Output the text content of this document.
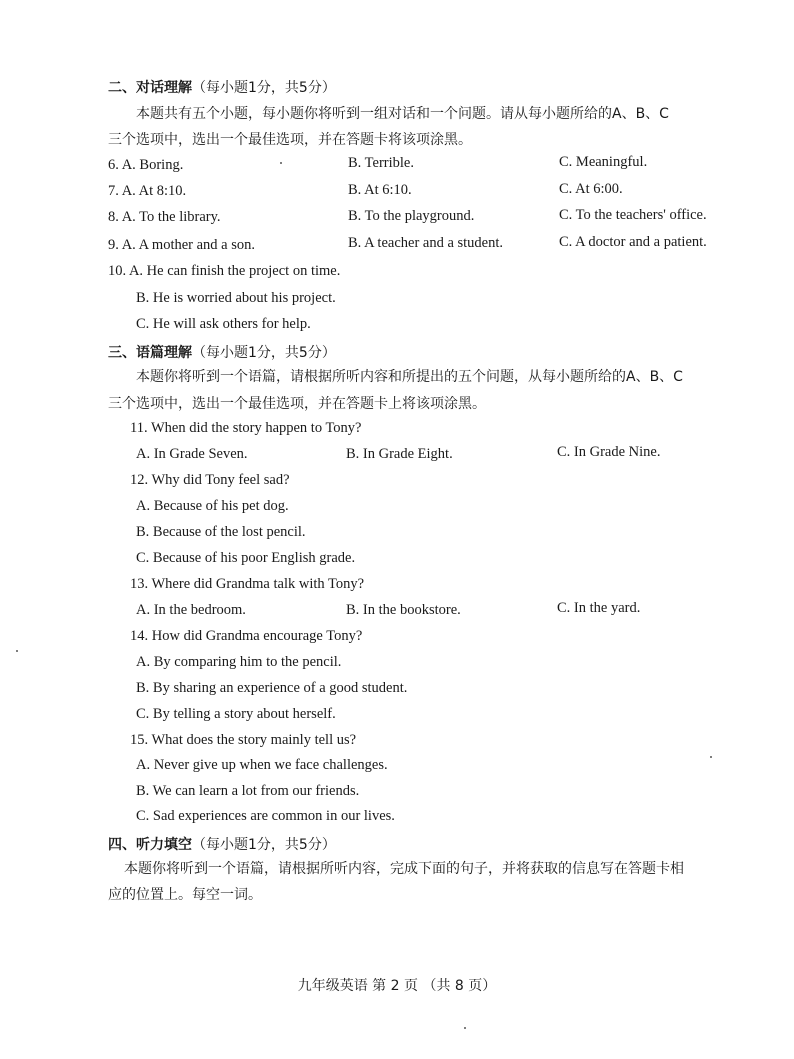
二、对话理解（每小题1分，共5分）
本题共有五个小题，每小题你将听到一组对话和一个问题。请从每小题所给的A、B、C
三个选项中，选出一个最佳选项，并在答题卡将该项涂黑。
6. A. Boring.	B. Terrible.	C. Meaningful.
7. A. At 8:10.	B. At 6:10.	C. At 6:00.
8. A. To the library.	B. To the playground.	C. To the teachers' office.
9. A. A mother and a son.	B. A teacher and a student.	C. A doctor and a patient.
10. A. He can finish the project on time.
B. He is worried about his project.
C. He will ask others for help.
三、语篇理解（每小题1分，共5分）
本题你将听到一个语篇，请根据所听内容和所提出的五个问题，从每小题所给的A、B、C
三个选项中，选出一个最佳选项，并在答题卡上将该项涂黑。
11. When did the story happen to Tony?
A. In Grade Seven.	B. In Grade Eight.	C. In Grade Nine.
12. Why did Tony feel sad?
A. Because of his pet dog.
B. Because of the lost pencil.
C. Because of his poor English grade.
13. Where did Grandma talk with Tony?
A. In the bedroom.	B. In the bookstore.	C. In the yard.
14. How did Grandma encourage Tony?
A. By comparing him to the pencil.
B. By sharing an experience of a good student.
C. By telling a story about herself.
15. What does the story mainly tell us?
A. Never give up when we face challenges.
B. We can learn a lot from our friends.
C. Sad experiences are common in our lives.
四、听力填空（每小题1分，共5分）
本题你将听到一个语篇，请根据所听内容，完成下面的句子，并将获取的信息写在答题卡相
应的位置上。每空一词。
九年级英语 第 2 页 （共 8 页）
